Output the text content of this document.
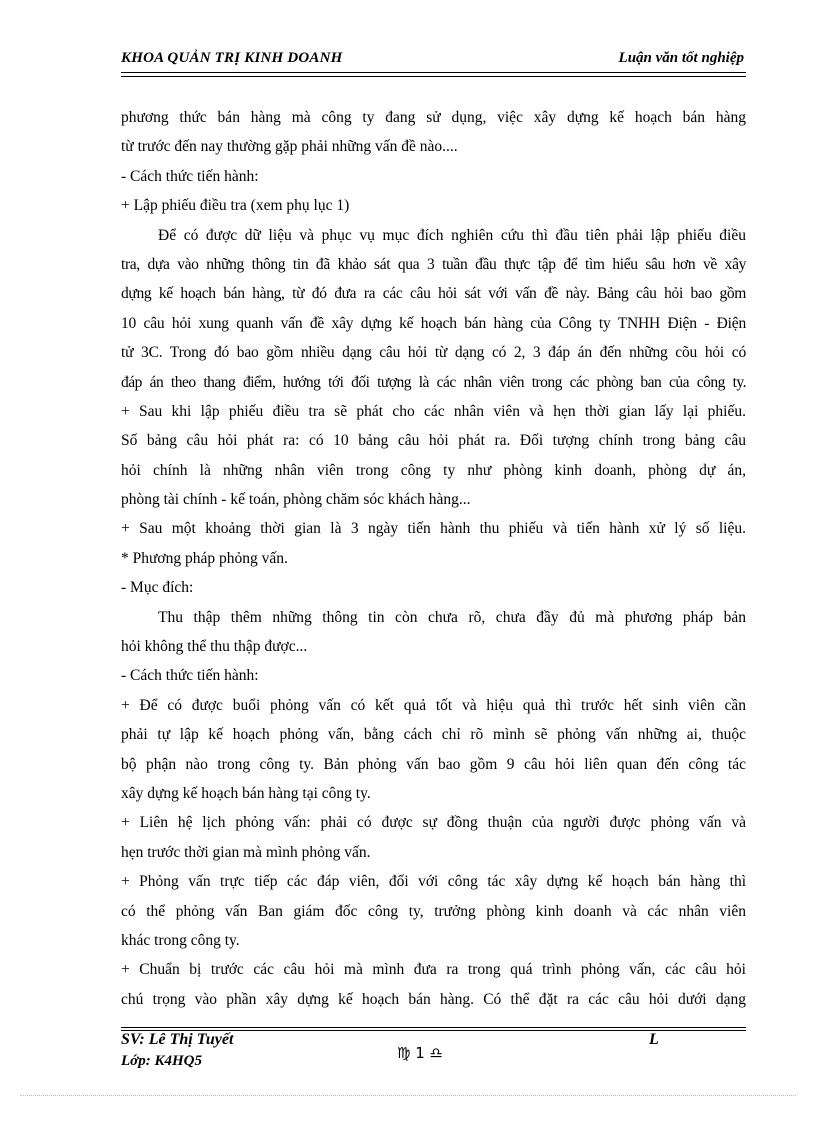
KHOA QUẢN TRỊ KINH DOANH	Luận văn tốt nghiệp
phương thức bán hàng mà công ty đang sử dụng, việc xây dựng kế hoạch bán hàng
từ trước đến nay thường gặp phải những vấn đề nào....
- Cách thức tiến hành:
+ Lập phiếu điều tra (xem phụ lục 1)
Để có được dữ liệu và phục vụ mục đích nghiên cứu thì đầu tiên phải lập phiếu điều
tra, dựa vào những thông tin đã khảo sát qua 3 tuần đầu thực tập để tìm hiểu sâu hơn về xây
dựng kế hoạch bán hàng, từ đó đưa ra các câu hỏi sát với vấn đề này. Bảng câu hỏi bao gồm
10 câu hỏi xung quanh vấn đề xây dựng kế hoạch bán hàng của Công ty TNHH Điện - Điện
tử 3C. Trong đó bao gồm nhiều dạng câu hỏi từ dạng có 2, 3 đáp án đến những cõu hỏi có
đáp án theo thang điểm, hướng tới đối tượng là các nhân viên trong các phòng ban của công ty.
+ Sau khi lập phiếu điều tra sẽ phát cho các nhân viên và hẹn thời gian lấy lại phiếu.
Số bảng câu hỏi phát ra: có 10 bảng câu hỏi phát ra. Đối tượng chính trong bảng câu
hỏi chính là những nhân viên trong công ty như phòng kinh doanh, phòng dự án,
phòng tài chính - kế toán, phòng chăm sóc khách hàng...
+ Sau một khoảng thời gian là 3 ngày tiến hành thu phiếu và tiến hành xử lý số liệu.
* Phương pháp phỏng vấn.
- Mục đích:
Thu thập thêm những thông tin còn chưa rõ, chưa đầy đủ mà phương pháp bản
hỏi không thể thu thập được...
- Cách thức tiến hành:
+ Để có được buổi phỏng vấn có kết quả tốt và hiệu quả thì trước hết sinh viên cần
phải tự lập kế hoạch phỏng vấn, bằng cách chỉ rõ mình sẽ phỏng vấn những ai, thuộc
bộ phận nào trong công ty. Bản phỏng vấn bao gồm 9 câu hỏi liên quan đến công tác
xây dựng kế hoạch bán hàng tại công ty.
+ Liên hệ lịch phỏng vấn: phải có được sự đồng thuận của người được phỏng vấn và
hẹn trước thời gian mà mình phỏng vấn.
+ Phỏng vấn trực tiếp các đáp viên, đối với công tác xây dựng kế hoạch bán hàng thì
có thể phỏng vấn Ban giám đốc công ty, trưởng phòng kinh doanh và các nhân viên
khác trong công ty.
+ Chuẩn bị trước các câu hỏi mà mình đưa ra trong quá trình phỏng vấn, các câu hỏi
chú trọng vào phần xây dựng kế hoạch bán hàng. Có thể đặt ra các câu hỏi dưới dạng
SV: Lê Thị Tuyết
Lớp: K4HQ5
L
♍ 1 ♎
